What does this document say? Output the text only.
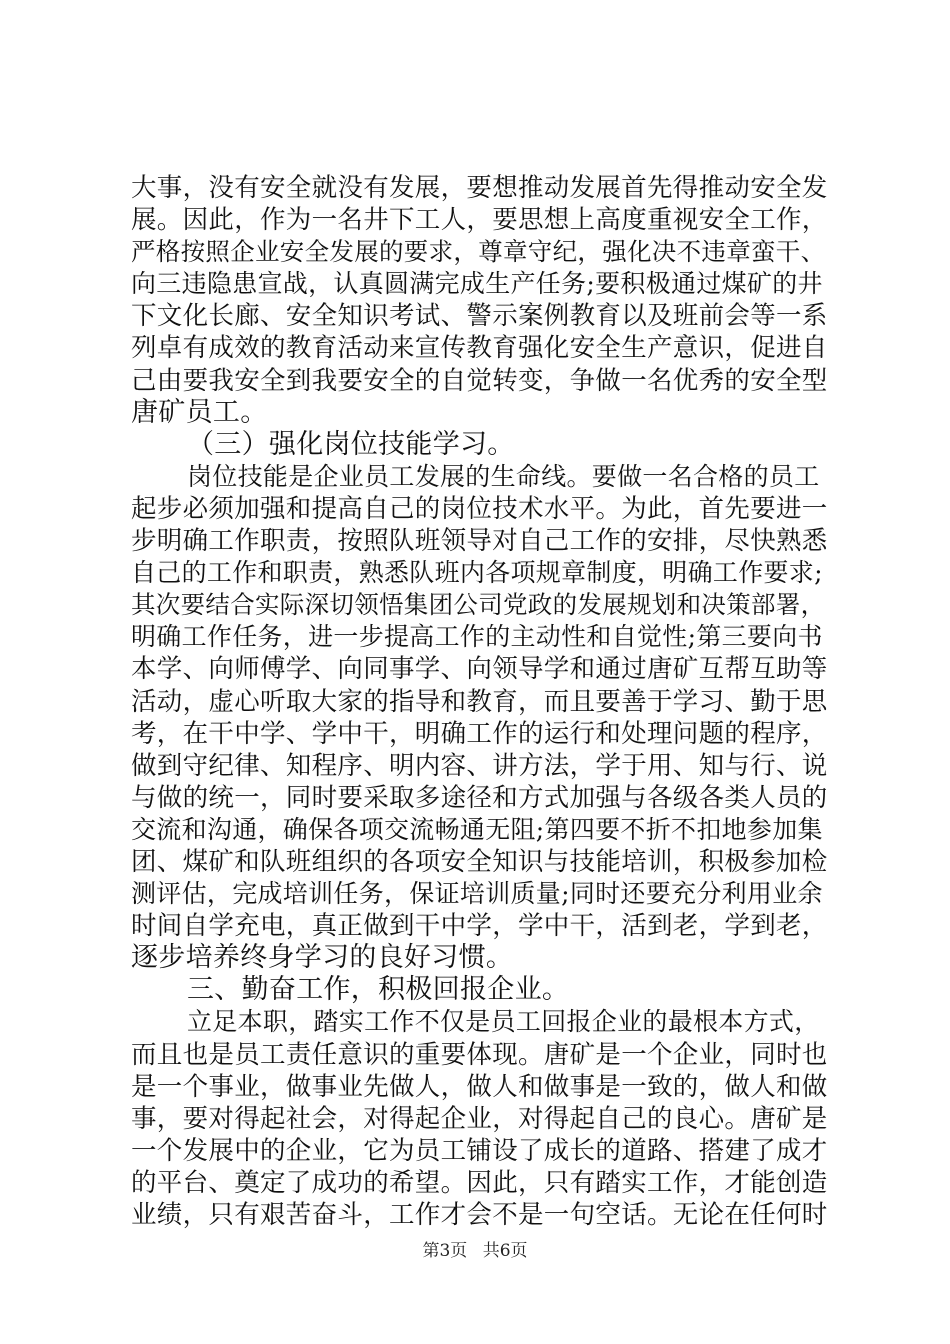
大事，没有安全就没有发展，要想推动发展首先得推动安全发
展。因此，作为一名井下工人，要思想上高度重视安全工作，
严格按照企业安全发展的要求，尊章守纪，强化决不违章蛮干、
向三违隐患宣战，认真圆满完成生产任务;要积极通过煤矿的井
下文化长廊、安全知识考试、警示案例教育以及班前会等一系
列卓有成效的教育活动来宣传教育强化安全生产意识，促进自
己由要我安全到我要安全的自觉转变，争做一名优秀的安全型
唐矿员工。
（三）强化岗位技能学习。
岗位技能是企业员工发展的生命线。要做一名合格的员工
起步必须加强和提高自己的岗位技术水平。为此，首先要进一
步明确工作职责，按照队班领导对自己工作的安排，尽快熟悉
自己的工作和职责，熟悉队班内各项规章制度，明确工作要求;
其次要结合实际深切领悟集团公司党政的发展规划和决策部署，
明确工作任务，进一步提高工作的主动性和自觉性;第三要向书
本学、向师傅学、向同事学、向领导学和通过唐矿互帮互助等
活动，虚心听取大家的指导和教育，而且要善于学习、勤于思
考，在干中学、学中干，明确工作的运行和处理问题的程序，
做到守纪律、知程序、明内容、讲方法，学于用、知与行、说
与做的统一，同时要采取多途径和方式加强与各级各类人员的
交流和沟通，确保各项交流畅通无阻;第四要不折不扣地参加集
团、煤矿和队班组织的各项安全知识与技能培训，积极参加检
测评估，完成培训任务，保证培训质量;同时还要充分利用业余
时间自学充电，真正做到干中学，学中干，活到老，学到老，
逐步培养终身学习的良好习惯。
三、勤奋工作，积极回报企业。
立足本职，踏实工作不仅是员工回报企业的最根本方式，
而且也是员工责任意识的重要体现。唐矿是一个企业，同时也
是一个事业，做事业先做人，做人和做事是一致的，做人和做
事，要对得起社会，对得起企业，对得起自己的良心。唐矿是
一个发展中的企业，它为员工铺设了成长的道路、搭建了成才
的平台、奠定了成功的希望。因此，只有踏实工作，才能创造
业绩，只有艰苦奋斗，工作才会不是一句空话。无论在任何时
第3页 共6页
